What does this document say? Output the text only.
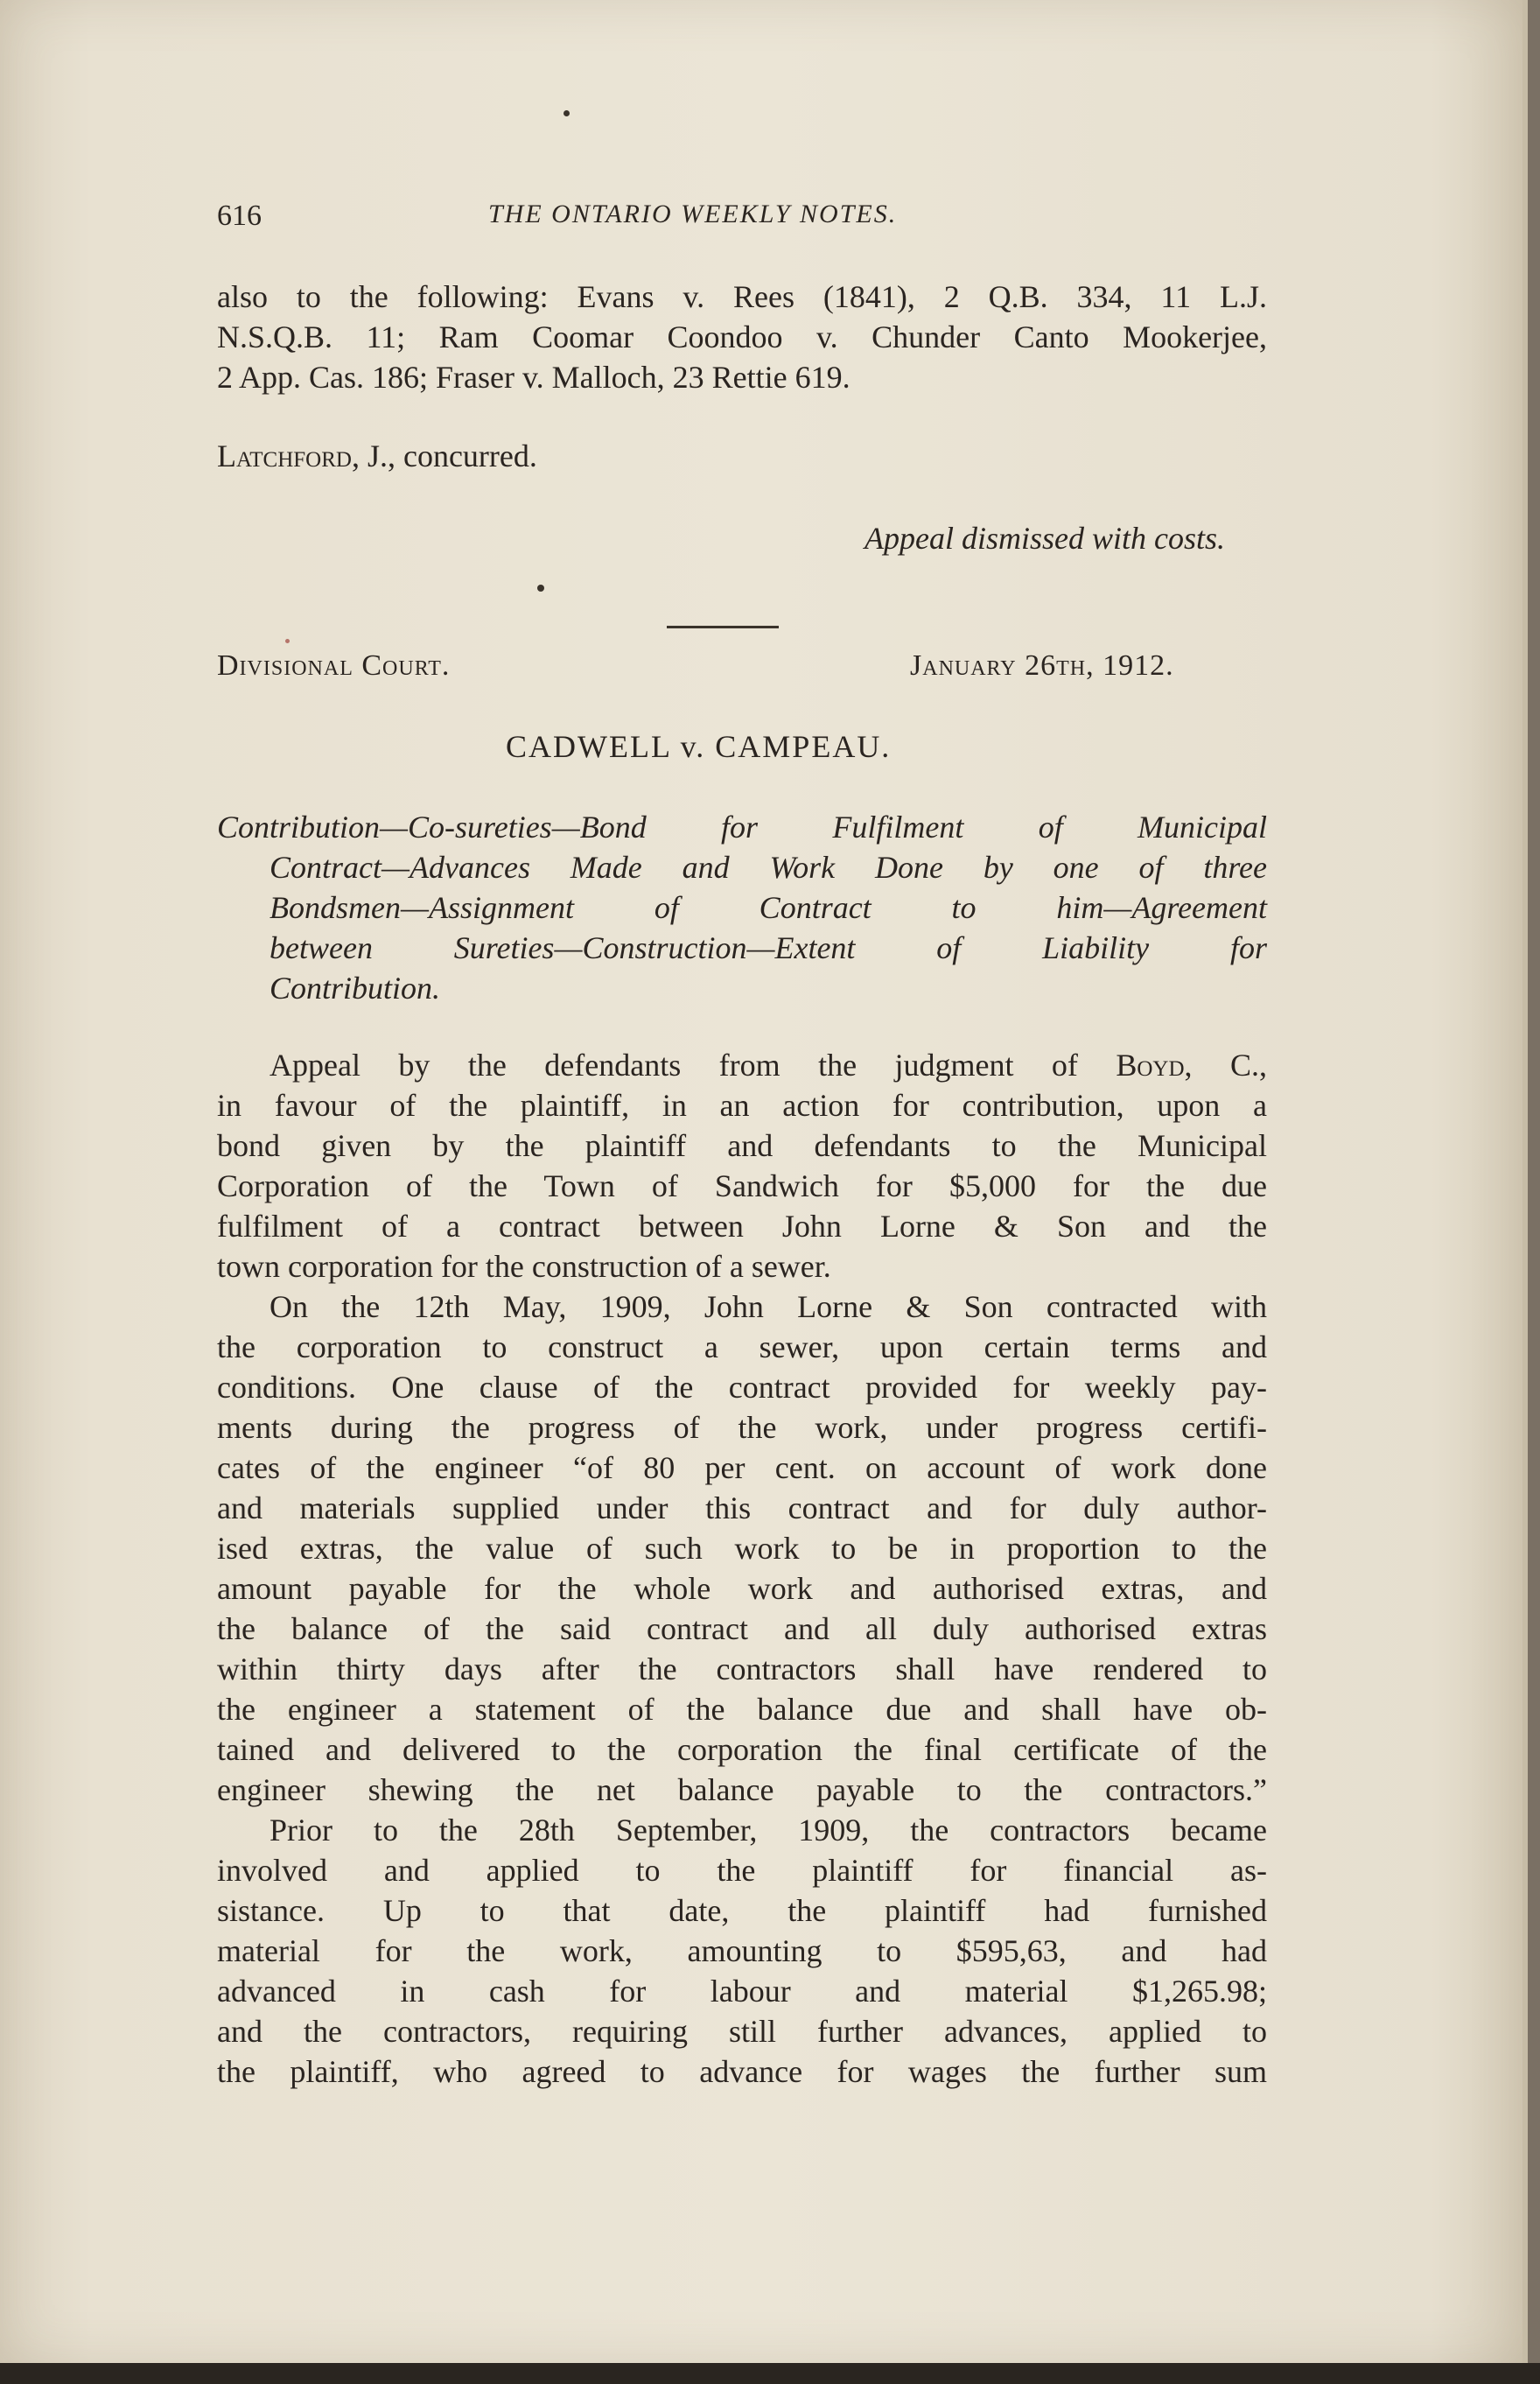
616	THE ONTARIO WEEKLY NOTES.
also to the following: Evans v. Rees (1841), 2 Q.B. 334, 11 L.J.
N.S.Q.B. 11; Ram Coomar Coondoo v. Chunder Canto Mookerjee,
2 App. Cas. 186; Fraser v. Malloch, 23 Rettie 619.
Latchford, J., concurred.
Appeal dismissed with costs.
Divisional Court.	January 26th, 1912.
CADWELL v. CAMPEAU.
Contribution—Co-sureties—Bond for Fulfilment of Municipal
Contract—Advances Made and Work Done by one of three
Bondsmen—Assignment of Contract to him—Agreement
between Sureties—Construction—Extent of Liability for
Contribution.
Appeal by the defendants from the judgment of Boyd, C.,
in favour of the plaintiff, in an action for contribution, upon a
bond given by the plaintiff and defendants to the Municipal
Corporation of the Town of Sandwich for $5,000 for the due
fulfilment of a contract between John Lorne & Son and the
town corporation for the construction of a sewer.
On the 12th May, 1909, John Lorne & Son contracted with
the corporation to construct a sewer, upon certain terms and
conditions. One clause of the contract provided for weekly pay-
ments during the progress of the work, under progress certifi-
cates of the engineer “of 80 per cent. on account of work done
and materials supplied under this contract and for duly author-
ised extras, the value of such work to be in proportion to the
amount payable for the whole work and authorised extras, and
the balance of the said contract and all duly authorised extras
within thirty days after the contractors shall have rendered to
the engineer a statement of the balance due and shall have ob-
tained and delivered to the corporation the final certificate of the
engineer shewing the net balance payable to the contractors.”
Prior to the 28th September, 1909, the contractors became
involved and applied to the plaintiff for financial as-
sistance. Up to that date, the plaintiff had furnished
material for the work, amounting to $595,63, and had
advanced in cash for labour and material $1,265.98;
and the contractors, requiring still further advances, applied to
the plaintiff, who agreed to advance for wages the further sum
